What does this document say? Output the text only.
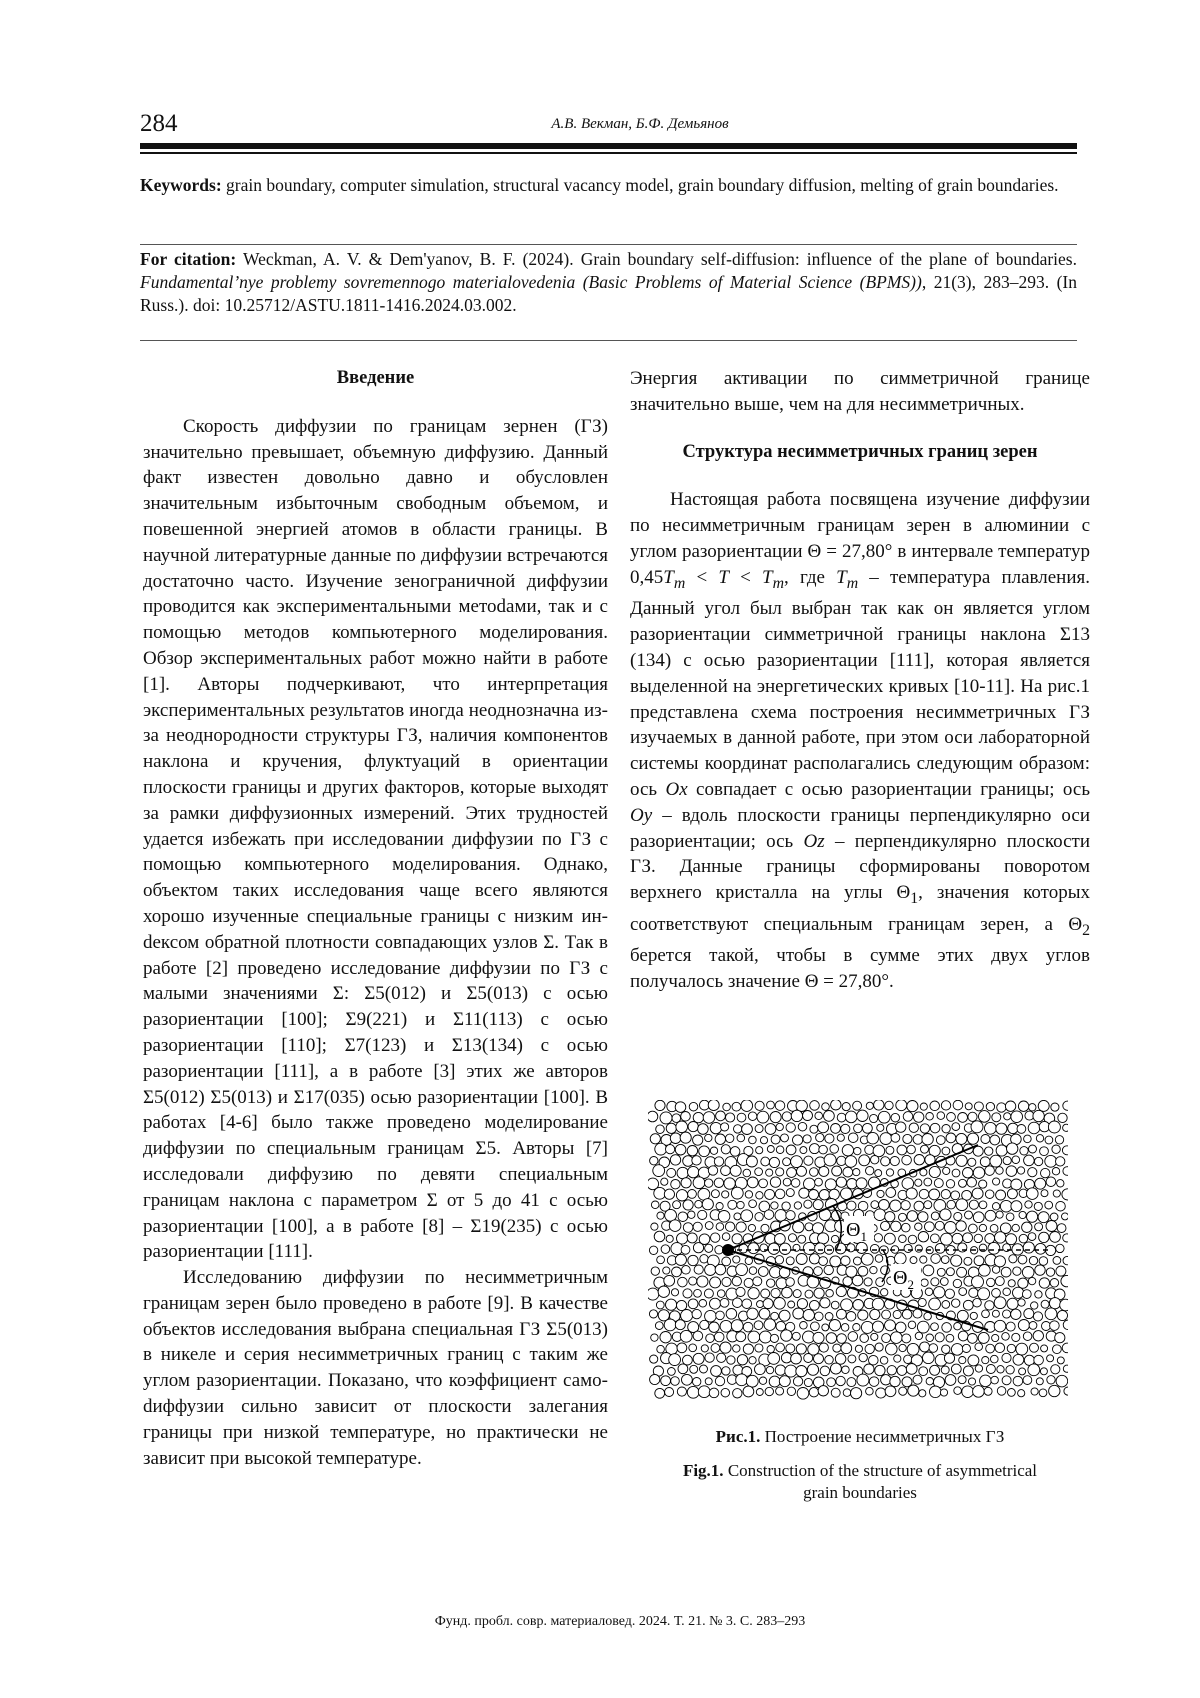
284	А.В. Векман, Б.Ф. Демьянов
Keywords: grain boundary, computer simulation, structural vacancy model, grain boundary diffusion, melting of grain boundaries.
For citation: Weckman, A. V. & Dem'yanov, B. F. (2024). Grain boundary self-diffusion: influence of the plane of boundaries. Fundamental’nye problemy sovremennogo materialovedenia (Basic Problems of Material Science (BPMS)), 21(3), 283–293. (In Russ.). doi: 10.25712/ASTU.1811-1416.2024.03.002.

Введение

Скорость диффузии по границам зернен (ГЗ) значительно превышает, объемную диффузию. Данный факт известен довольно давно и обусловлен значительным избыточным свободным объемом, и повешенной энергией атомов в области границы. В научной литературные данные по диффузии встречаются достаточно часто. Изучение зенограничной диффузии проводится как экспериментальными метоdами, так и с помощью методов компьютерного моделирования. Обзор экспериментальных работ можно найти в работе [1]. Авторы подчеркивают, что интерпретация экспериментальных результатов иногда неоднозначна из-за неоднородности структуры ГЗ, наличия компонентов наклона и кручения, флуктуаций в ориентации плоскости границы и других факторов, которые выходят за рамки диффузионных измерений. Этих трудностей удается избежать при исследовании диффузии по ГЗ с помощью компьютерного моделирования. Однако, объектом таких исследования чаще всего являются хорошо изученные специальные границы с низким инdексом обратной плотности совпадающих узлов Σ. Так в работе [2] проведено исследование диффузии по ГЗ с малыми значениями Σ: Σ5(012) и Σ5(013) с осью разориентации [100]; Σ9(221) и Σ11(113) с осью разориентации [110]; Σ7(123) и Σ13(134) с осью разориентации [111], а в работе [3] этих же авторов Σ5(012) Σ5(013) и Σ17(035) осью разориентации [100]. В работах [4-6] было также проведено моделирование диффузии по специальным границам Σ5. Авторы [7] исследовали диффузию по девяти специальным границам наклона с параметром Σ от 5 до 41 с осью разориентации [100], а в работе [8] – Σ19(235) с осью разориентации [111].

Исследованию диффузии по несимметричным границам зерен было проведено в работе [9]. В качестве объектов исследования выбрана специальная ГЗ Σ5(013) в никеле и серия несимметричных границ с таким же углом разориентации. Показано, что коэффициент самоdиффузии сильно зависит от плоскости залегания границы при низкой температуре, но практически не зависит при высокой температуре.

Энергия активации по симметричной границе значительно выше, чем на для несимметричных.

Структура несимметричных границ зерен

Настоящая работа посвящена изучение диффузии по несимметричным границам зерен в алюминии с углом разориентации Θ = 27,80° в интервале температур $0,45T_m < T < T_m$, где $T_m$ – температура плавления. Данный угол был выбран так как он является углом разориентации симметричной границы наклона Σ13 (134) с осью разориентации [111], которая является выделенной на энергетических кривых [10-11]. На рис.1 представлена схема построения несимметричных ГЗ изучаемых в данной работе, при этом оси лабораторной системы координат располагались следующим образом: ось Ox совпадает с осью разориентации границы; ось Oy – вдоль плоскости границы перпендикулярно оси разориентации; ось Oz – перпендикулярно плоскости ГЗ. Данные границы сформированы поворотом верхнего кристалла на углы $\Theta_1$, значения которых соответствуют специальным границам зерен, а $\Theta_2$ берется такой, чтобы в сумме этих двух углов получалось значение Θ = 27,80°.

$\Theta_1$
$\Theta_2$
Рис.1. Построение несимметричных ГЗ
Fig.1. Construction of the structure of asymmetrical grain boundaries
Фунд. пробл. совр. материаловед. 2024. Т. 21. № 3. С. 283–293
